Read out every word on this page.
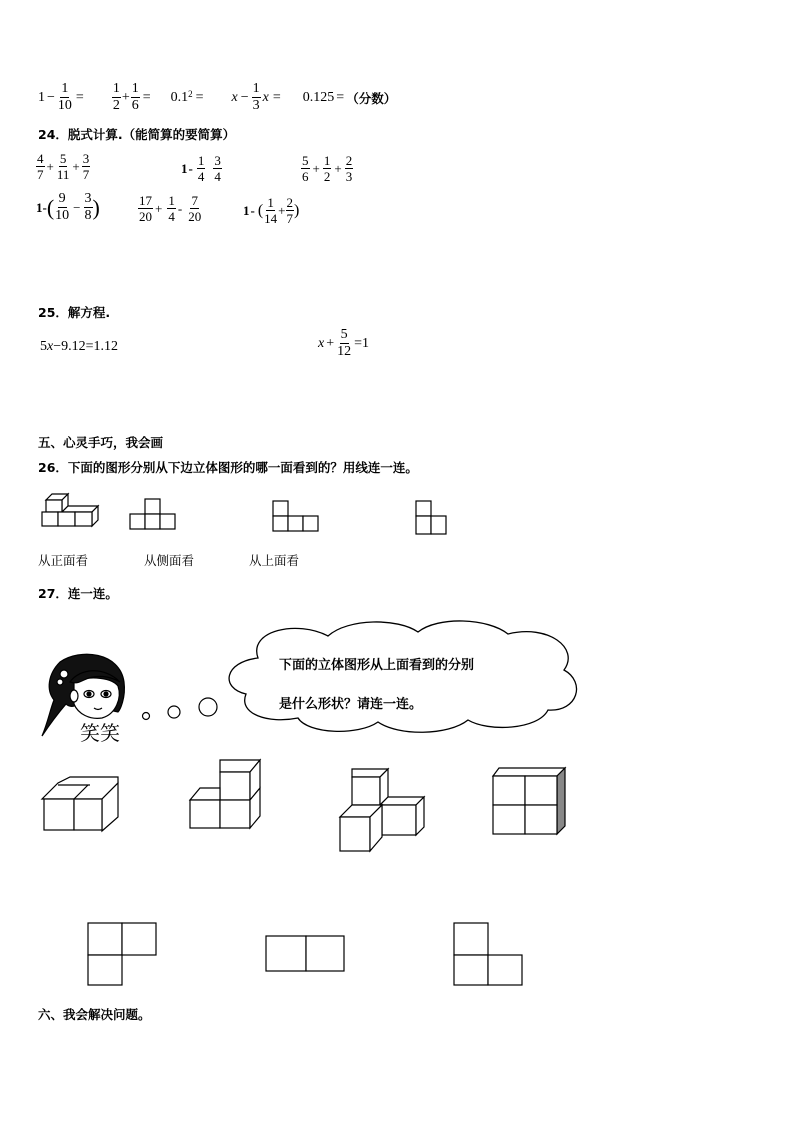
$1 - \frac{1}{10} = \frac{1}{2} + \frac{1}{6} = 0.1^2 = x - \frac{1}{3}$ x = 0.125 = （分数）
24．脱式计算.（能简算的要简算）
$\frac{4}{7} + \frac{5}{11} + \frac{3}{7}$	$1 - \frac{1}{4} \frac{3}{4}$	$\frac{5}{6} + \frac{1}{2} + \frac{2}{3}$
1 - ( $\frac{9}{10} - \frac{3}{8}$ )	$\frac{17}{20} + \frac{1}{4} - \frac{7}{20}$	1 - ( $\frac{1}{14} + \frac{2}{7}$ )
25．解方程.
5 x −9.12=1.12	$x + \frac{5}{12} =1$
五、心灵手巧，我会画
26．下面的图形分别从下边立体图形的哪一面看到的？用线连一连。
从正面看	从侧面看	从上面看
27．连一连。
笑笑
下面的立体图形从上面看到的分别
是什么形状？请连一连。
六、我会解决问题。
